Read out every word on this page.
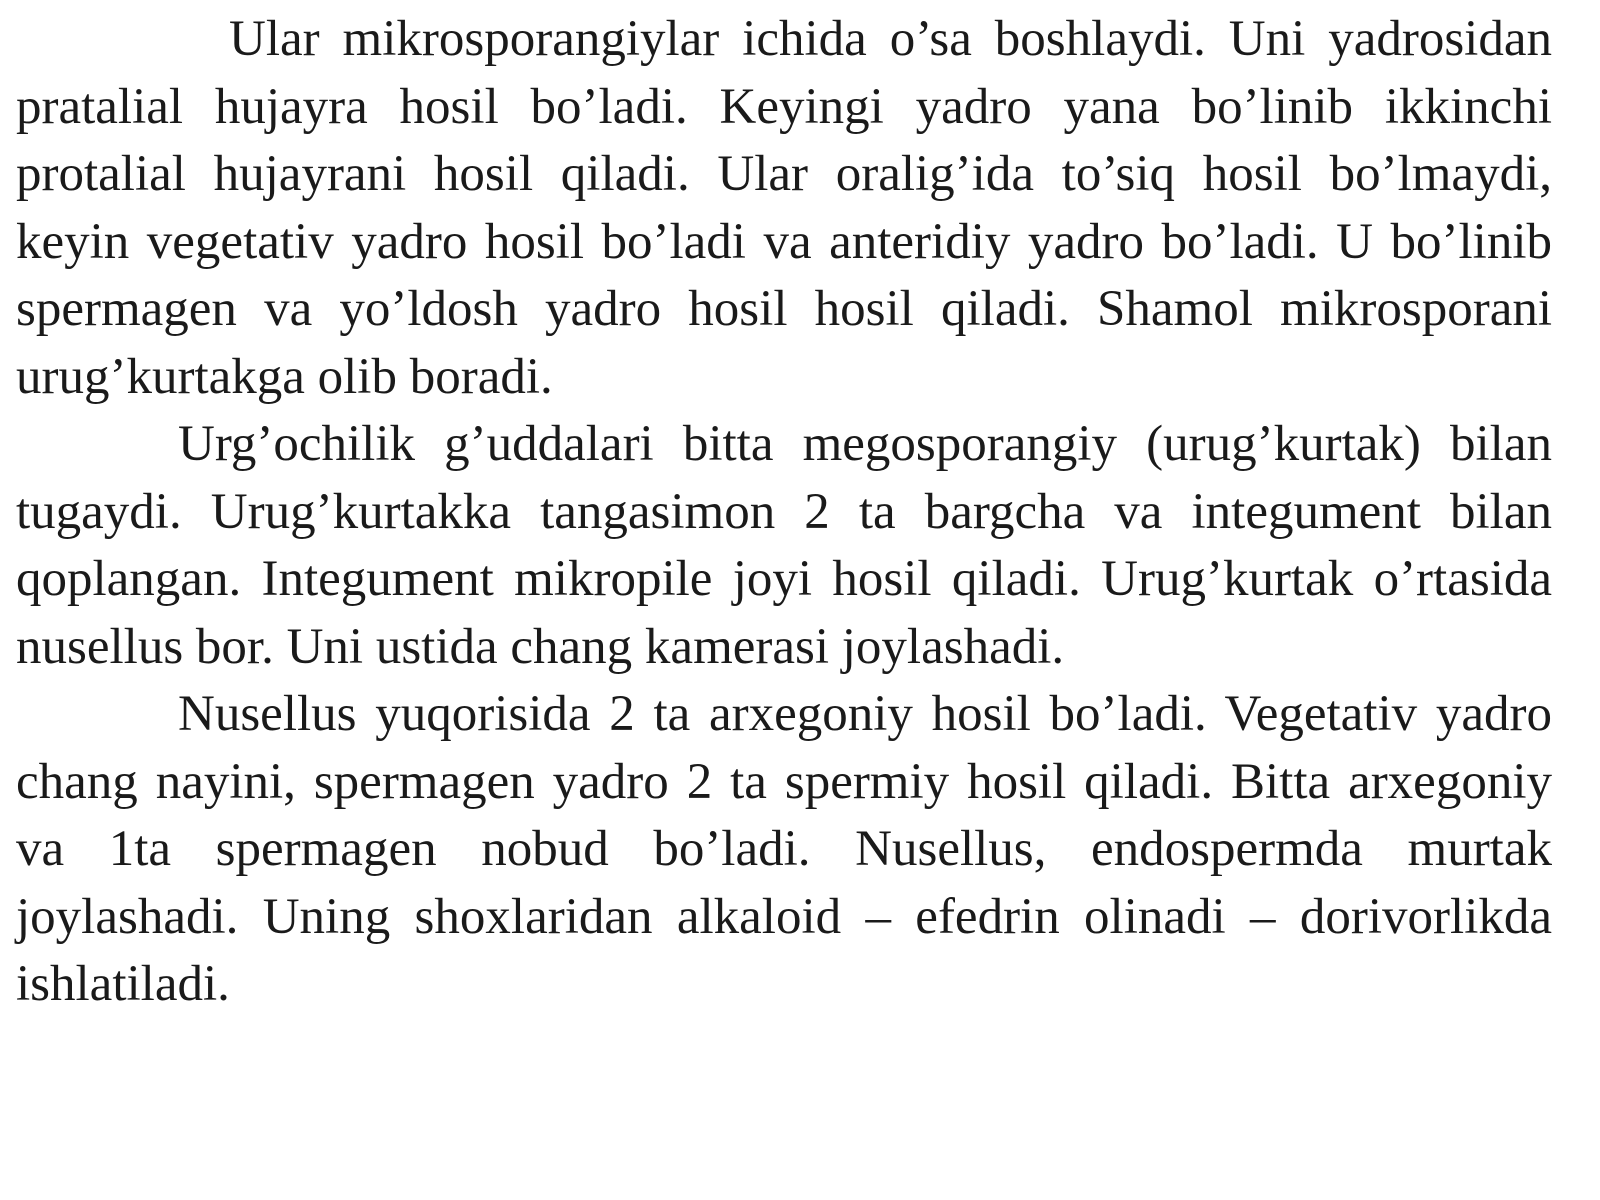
Ular mikrosporangiylar ichida o’sa boshlaydi. Uni yadrosidan pratalial hujayra hosil bo’ladi. Keyingi yadro yana bo’linib ikkinchi protalial hujayrani hosil qiladi. Ular oralig’ida to’siq hosil bo’lmaydi, keyin vegetativ yadro hosil bo’ladi va anteridiy yadro bo’ladi. U bo’linib spermagen va yo’ldosh yadro hosil hosil qiladi. Shamol mikrosporani urug’kurtakga olib boradi.

Urg’ochilik g’uddalari bitta megosporangiy (urug’kurtak) bilan tugaydi. Urug’kurtakka tangasimon 2 ta bargcha va integument bilan qoplangan. Integument mikropile joyi hosil qiladi. Urug’kurtak o’rtasida nusellus bor. Uni ustida chang kamerasi joylashadi.

Nusellus yuqorisida 2 ta arxegoniy hosil bo’ladi. Vegetativ yadro chang nayini, spermagen yadro 2 ta spermiy hosil qiladi. Bitta arxegoniy va 1ta spermagen nobud bo’ladi. Nusellus, endospermda murtak joylashadi. Uning shoxlaridan alkaloid – efedrin olinadi – dorivorlikda ishlatiladi.
